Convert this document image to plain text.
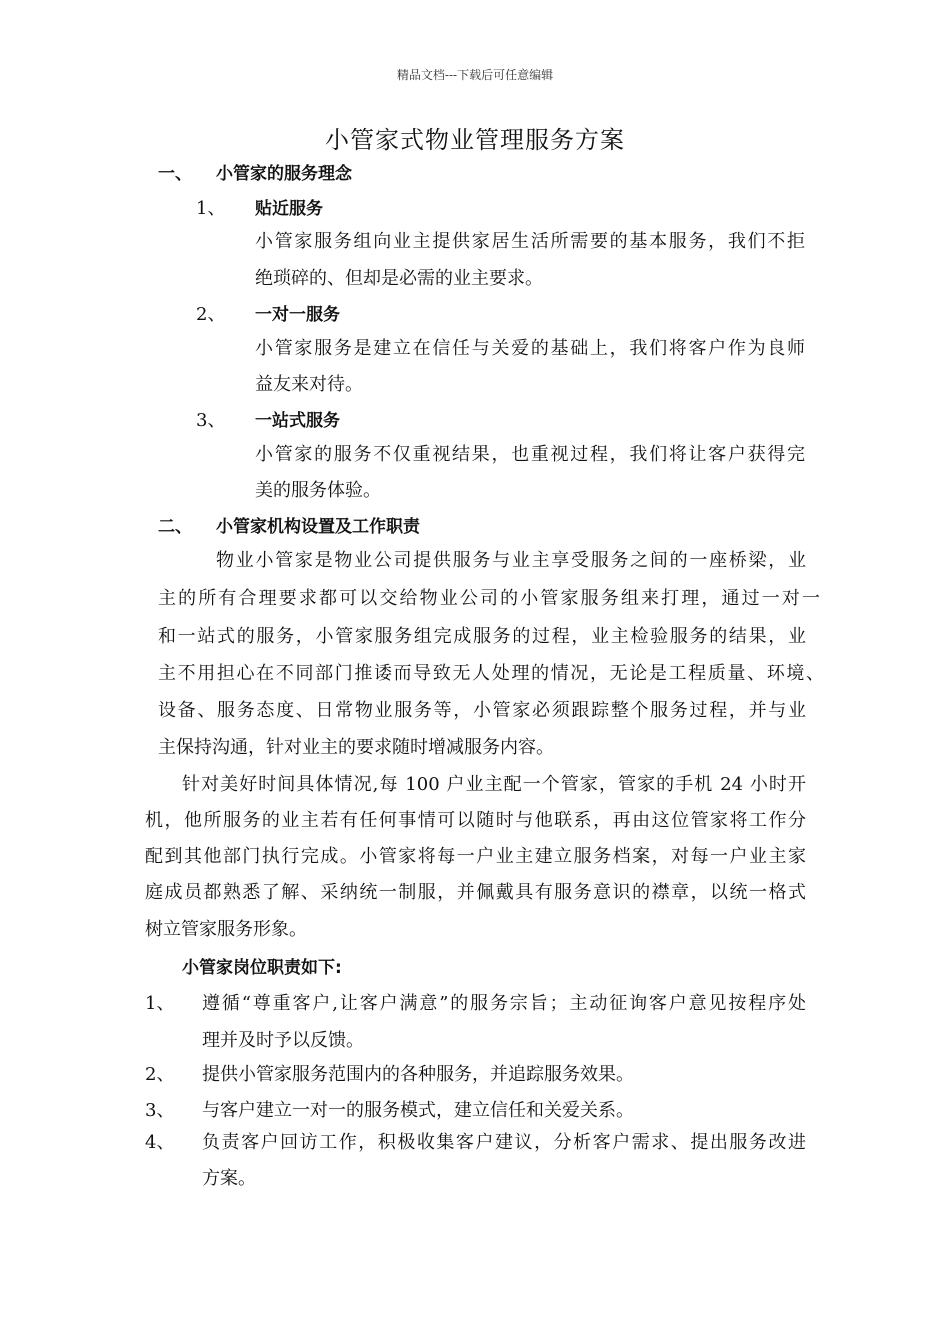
精品文档---下载后可任意编辑
小管家式物业管理服务方案
一、 小管家的服务理念
1、 贴近服务
小管家服务组向业主提供家居生活所需要的基本服务，我们不拒
绝琐碎的、但却是必需的业主要求。
2、 一对一服务
小管家服务是建立在信任与关爱的基础上，我们将客户作为良师
益友来对待。
3、 一站式服务
小管家的服务不仅重视结果，也重视过程，我们将让客户获得完
美的服务体验。
二、 小管家机构设置及工作职责
物业小管家是物业公司提供服务与业主享受服务之间的一座桥梁，业
主的所有合理要求都可以交给物业公司的小管家服务组来打理，通过一对一
和一站式的服务，小管家服务组完成服务的过程，业主检验服务的结果，业
主不用担心在不同部门推诿而导致无人处理的情况，无论是工程质量、环境、
设备、服务态度、日常物业服务等，小管家必须跟踪整个服务过程，并与业
主保持沟通，针对业主的要求随时增减服务内容。
针对美好时间具体情况,每 100 户业主配一个管家，管家的手机 24 小时开
机，他所服务的业主若有任何事情可以随时与他联系，再由这位管家将工作分
配到其他部门执行完成。小管家将每一户业主建立服务档案，对每一户业主家
庭成员都熟悉了解、采纳统一制服，并佩戴具有服务意识的襟章，以统一格式
树立管家服务形象。
小管家岗位职责如下:
1、 遵循“尊重客户,让客户满意”的服务宗旨；主动征询客户意见按程序处
理并及时予以反馈。
2、 提供小管家服务范围内的各种服务，并追踪服务效果。
3、 与客户建立一对一的服务模式，建立信任和关爱关系。
4、 负责客户回访工作，积极收集客户建议，分析客户需求、提出服务改进
方案。
